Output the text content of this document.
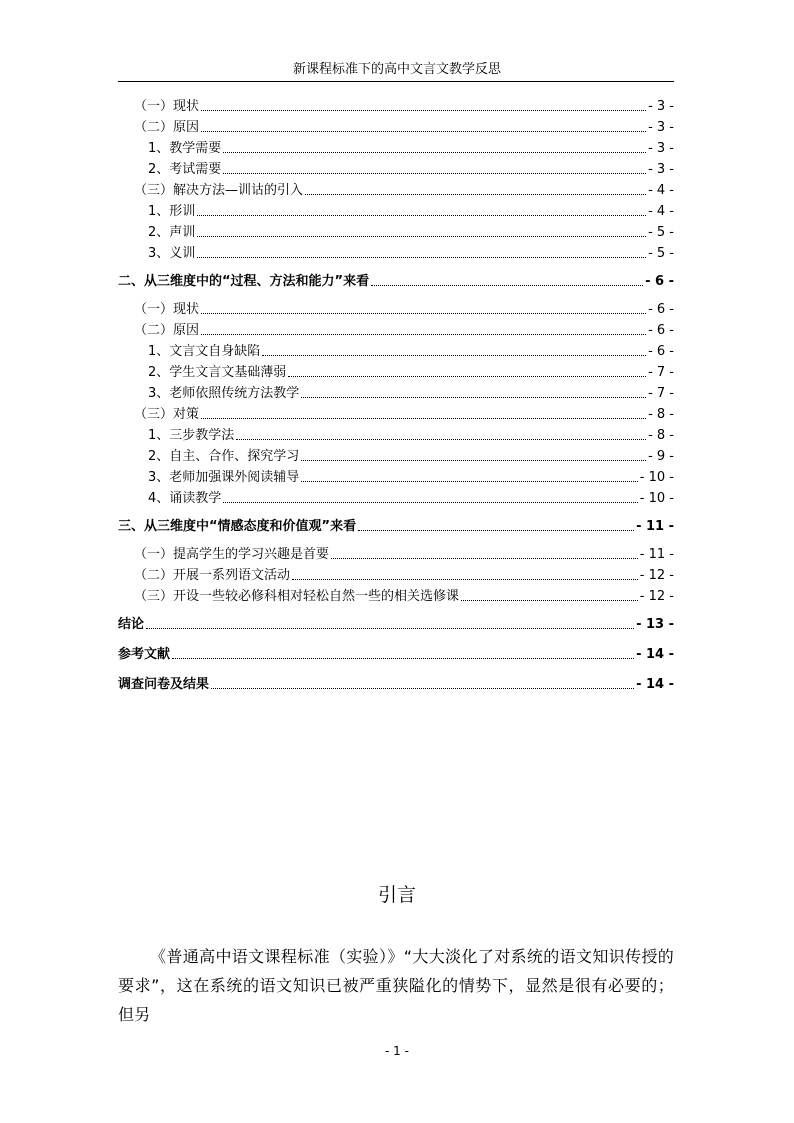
新课程标准下的高中文言文教学反思
（一）现状	- 3 -
（二）原因	- 3 -
1、教学需要	- 3 -
2、考试需要	- 3 -
（三）解决方法—训诂的引入	- 4 -
1、形训	- 4 -
2、声训	- 5 -
3、义训	- 5 -
二、从三维度中的“过程、方法和能力”来看	- 6 -
（一）现状	- 6 -
（二）原因	- 6 -
1、文言文自身缺陷	- 6 -
2、学生文言文基础薄弱	- 7 -
3、老师依照传统方法教学	- 7 -
（三）对策	- 8 -
1、三步教学法	- 8 -
2、自主、合作、探究学习	- 9 -
3、老师加强课外阅读辅导	- 10 -
4、诵读教学	- 10 -
三、从三维度中“情感态度和价值观”来看	- 11 -
（一）提高学生的学习兴趣是首要	- 11 -
（二）开展一系列语文活动	- 12 -
（三）开设一些较必修科相对轻松自然一些的相关选修课	- 12 -
结论	- 13 -
参考文献	- 14 -
调查问卷及结果	- 14 -
引言
《普通高中语文课程标准（实验）》“大大淡化了对系统的语文知识传授的要求”，这在系统的语文知识已被严重狭隘化的情势下，显然是很有必要的；但另
- 1 -
